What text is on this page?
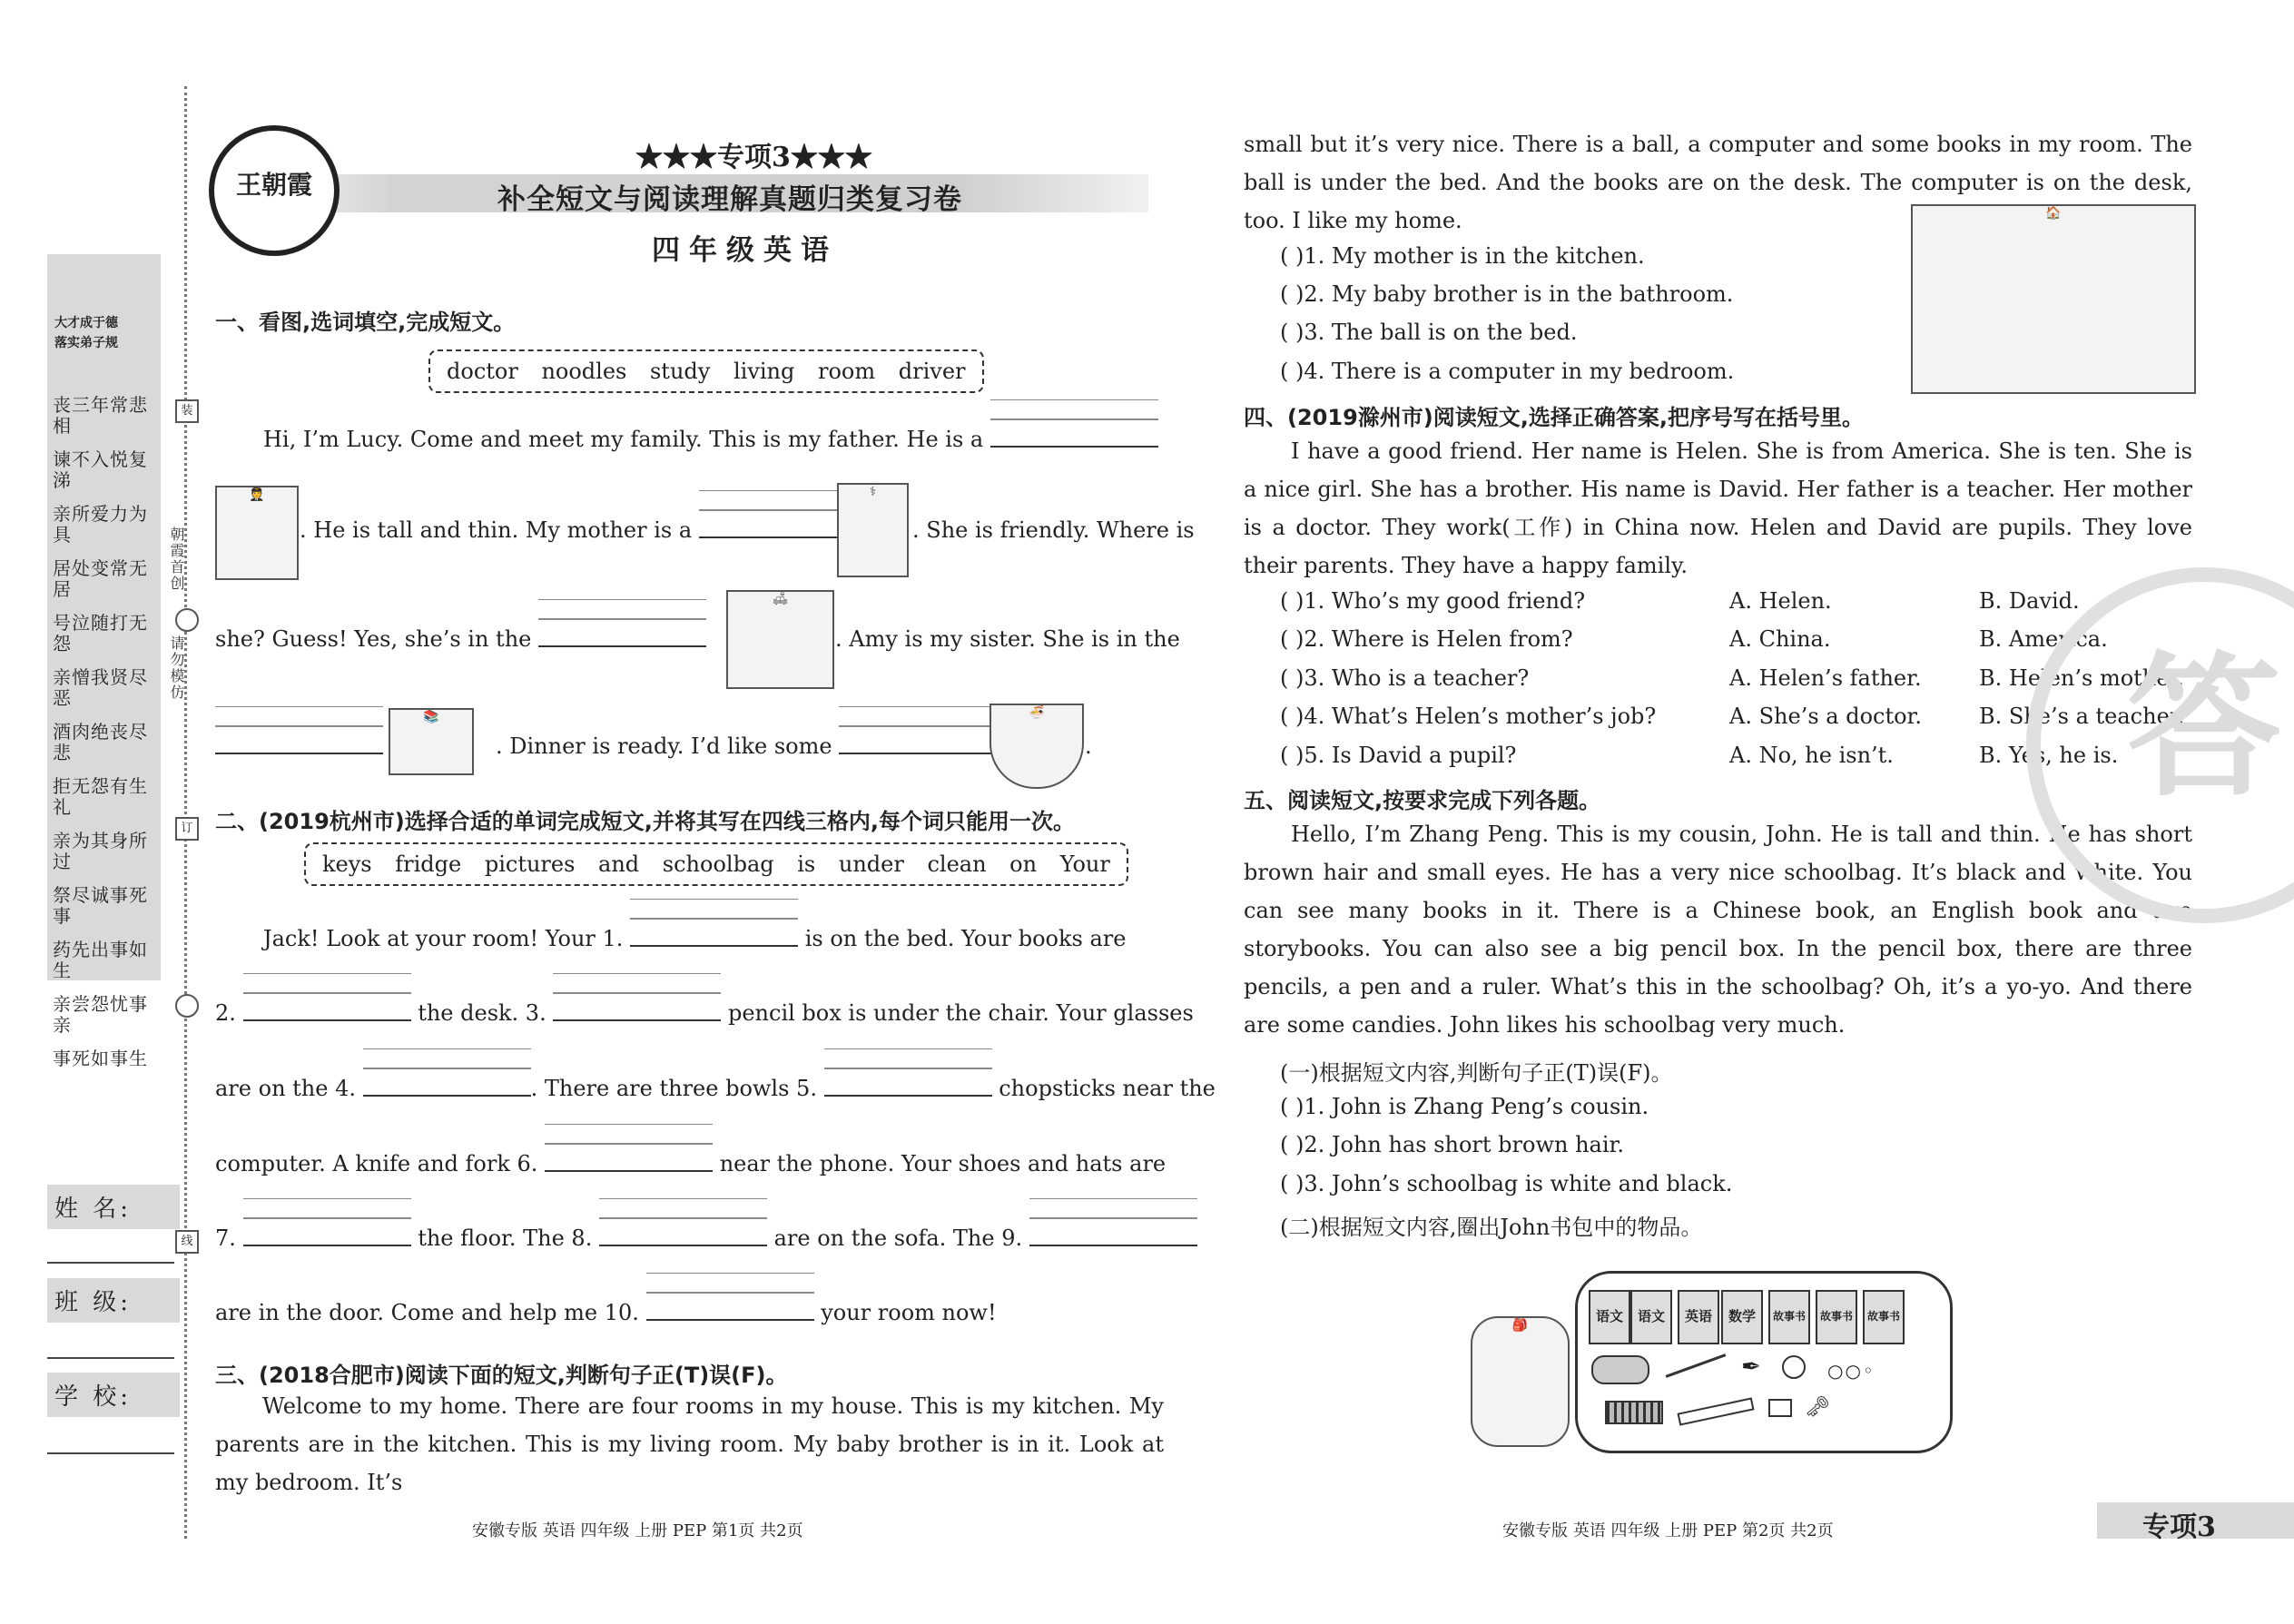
大才成于德
落实弟子规
丧三年常悲相
谏不入悦复涕
亲所爱力为具
居处变常无居
号泣随打无怨
亲憎我贤尽恶
酒肉绝丧尽悲
拒无怨有生礼
亲为其身所过
祭尽诚事死事
药先出事如生
亲尝怨忧事亲
事死如事生
装
朝霞首创
请勿模仿
订
线
姓 名:
班 级:
学 校:
王朝霞
★★★专项3★★★
补全短文与阅读理解真题归类复习卷
四年级英语
一、看图,选词填空,完成短文。
doctor noodles study living room driver
Hi, I’m Lucy. Come and meet my family. This is my father. He is a
🧑‍✈️
. He is tall and thin. My mother is a
⚕
. She is friendly. Where is
she? Guess! Yes, she’s in the
🛋
. Amy is my sister. She is in the
📚
. Dinner is ready. I’d like some
🍜
.
二、(2019杭州市)选择合适的单词完成短文,并将其写在四线三格内,每个词只能用一次。
keys fridge pictures and schoolbag is under clean on Your
Jack! Look at your room! Your 1.	is on the bed. Your books are
2.	the desk. 3.	pencil box is under the chair. Your glasses
are on the 4.	. There are three bowls 5.	chopsticks near the
computer. A knife and fork 6.	near the phone. Your shoes and hats are
7.	the floor. The 8.	are on the sofa. The 9.
are in the door. Come and help me 10.	your room now!
三、(2018合肥市)阅读下面的短文,判断句子正(T)误(F)。
Welcome to my home. There are four rooms in my house. This is my kitchen. My parents are in the kitchen. This is my living room. My baby brother is in it. Look at my bedroom. It’s
small but it’s very nice. There is a ball, a computer and some books in my room. The ball is under the bed. And the books are on the desk. The computer is on the desk, too. I like my home.	🏠
( )1. My mother is in the kitchen.
( )2. My baby brother is in the bathroom.
( )3. The ball is on the bed.
( )4. There is a computer in my bedroom.
四、(2019滁州市)阅读短文,选择正确答案,把序号写在括号里。
I have a good friend. Her name is Helen. She is from America. She is ten. She is a nice girl. She has a brother. His name is David. Her father is a teacher. Her mother is a doctor. They work(工作) in China now. Helen and David are pupils. They love their parents. They have a happy family.
( )1. Who’s my good friend?	A. Helen.	B. David.
( )2. Where is Helen from?	A. China.	B. America.
( )3. Who is a teacher?	A. Helen’s father.	B. Helen’s mother.
( )4. What’s Helen’s mother’s job?	A. She’s a doctor.	B. She’s a teacher.
( )5. Is David a pupil?	A. No, he isn’t.	B. Yes, he is.
五、阅读短文,按要求完成下列各题。
Hello, I’m Zhang Peng. This is my cousin, John. He is tall and thin. He has short brown hair and small eyes. He has a very nice schoolbag. It’s black and white. You can see many books in it. There is a Chinese book, an English book and two storybooks. You can also see a big pencil box. In the pencil box, there are three pencils, a pen and a ruler. What’s this in the schoolbag? Oh, it’s a yo-yo. And there are some candies. John likes his schoolbag very much.
(一)根据短文内容,判断句子正(T)误(F)。
( )1. John is Zhang Peng’s cousin.
( )2. John has short brown hair.
( )3. John’s schoolbag is white and black.
(二)根据短文内容,圈出John书包中的物品。
🎒
语文	语文	英语	数学	故事书	故事书	故事书
✒	○○◦
🗝
答
安徽专版 英语 四年级 上册 PEP 第1页 共2页	安徽专版 英语 四年级 上册 PEP 第2页 共2页	专项3
